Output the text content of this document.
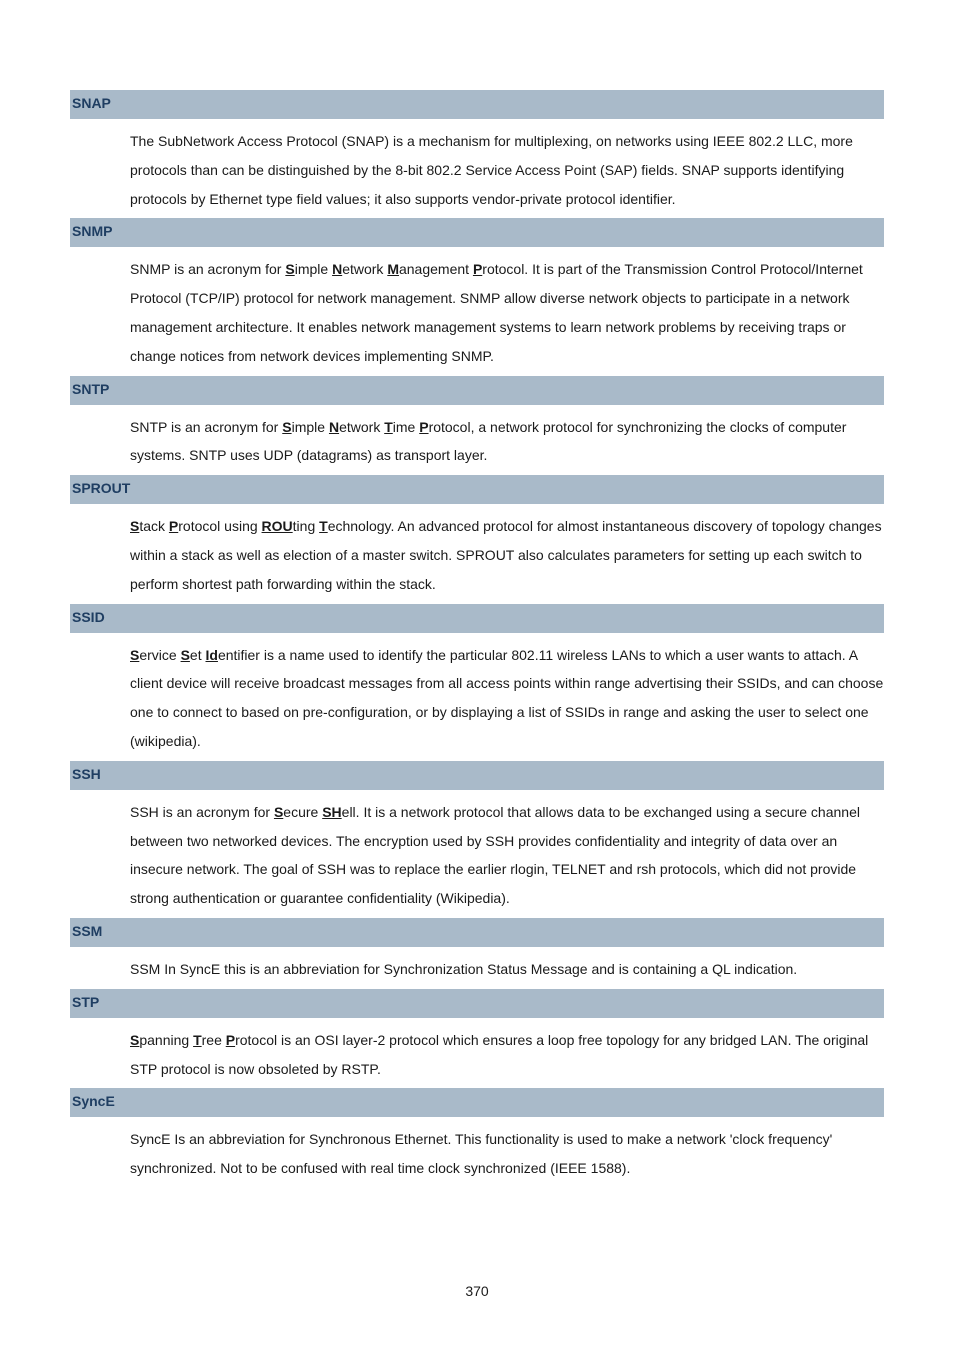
SNAP
The SubNetwork Access Protocol (SNAP) is a mechanism for multiplexing, on networks using IEEE 802.2 LLC, more protocols than can be distinguished by the 8-bit 802.2 Service Access Point (SAP) fields. SNAP supports identifying protocols by Ethernet type field values; it also supports vendor-private protocol identifier.
SNMP
SNMP is an acronym for Simple Network Management Protocol. It is part of the Transmission Control Protocol/Internet Protocol (TCP/IP) protocol for network management. SNMP allow diverse network objects to participate in a network management architecture. It enables network management systems to learn network problems by receiving traps or change notices from network devices implementing SNMP.
SNTP
SNTP is an acronym for Simple Network Time Protocol, a network protocol for synchronizing the clocks of computer systems. SNTP uses UDP (datagrams) as transport layer.
SPROUT
Stack Protocol using ROUting Technology. An advanced protocol for almost instantaneous discovery of topology changes within a stack as well as election of a master switch. SPROUT also calculates parameters for setting up each switch to perform shortest path forwarding within the stack.
SSID
Service Set Identifier is a name used to identify the particular 802.11 wireless LANs to which a user wants to attach. A client device will receive broadcast messages from all access points within range advertising their SSIDs, and can choose one to connect to based on pre-configuration, or by displaying a list of SSIDs in range and asking the user to select one (wikipedia).
SSH
SSH is an acronym for Secure SHell. It is a network protocol that allows data to be exchanged using a secure channel between two networked devices. The encryption used by SSH provides confidentiality and integrity of data over an insecure network. The goal of SSH was to replace the earlier rlogin, TELNET and rsh protocols, which did not provide strong authentication or guarantee confidentiality (Wikipedia).
SSM
SSM In SyncE this is an abbreviation for Synchronization Status Message and is containing a QL indication.
STP
Spanning Tree Protocol is an OSI layer-2 protocol which ensures a loop free topology for any bridged LAN. The original STP protocol is now obsoleted by RSTP.
SyncE
SyncE Is an abbreviation for Synchronous Ethernet. This functionality is used to make a network 'clock frequency' synchronized. Not to be confused with real time clock synchronized (IEEE 1588).
370
